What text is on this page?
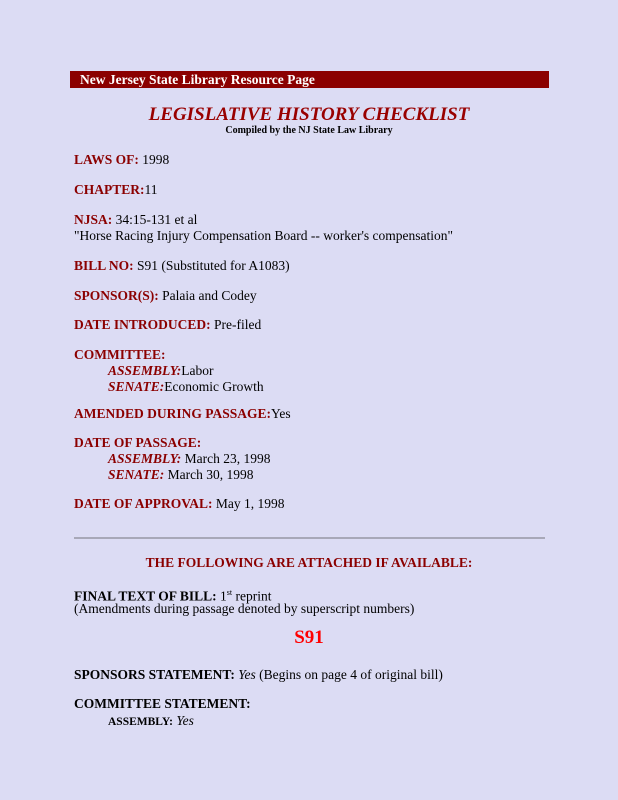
New Jersey State Library Resource Page
LEGISLATIVE HISTORY CHECKLIST
Compiled by the NJ State Law Library
LAWS OF: 1998
CHAPTER:11
NJSA: 34:15-131 et al
"Horse Racing Injury Compensation Board -- worker's compensation"
BILL NO: S91 (Substituted for A1083)
SPONSOR(S): Palaia and Codey
DATE INTRODUCED: Pre-filed
COMMITTEE:
ASSEMBLY:Labor
SENATE:Economic Growth
AMENDED DURING PASSAGE:Yes
DATE OF PASSAGE:
ASSEMBLY: March 23, 1998
SENATE: March 30, 1998
DATE OF APPROVAL: May 1, 1998
THE FOLLOWING ARE ATTACHED IF AVAILABLE:
FINAL TEXT OF BILL: 1st reprint
(Amendments during passage denoted by superscript numbers)
S91
SPONSORS STATEMENT: Yes (Begins on page 4 of original bill)
COMMITTEE STATEMENT:
ASSEMBLY: Yes
